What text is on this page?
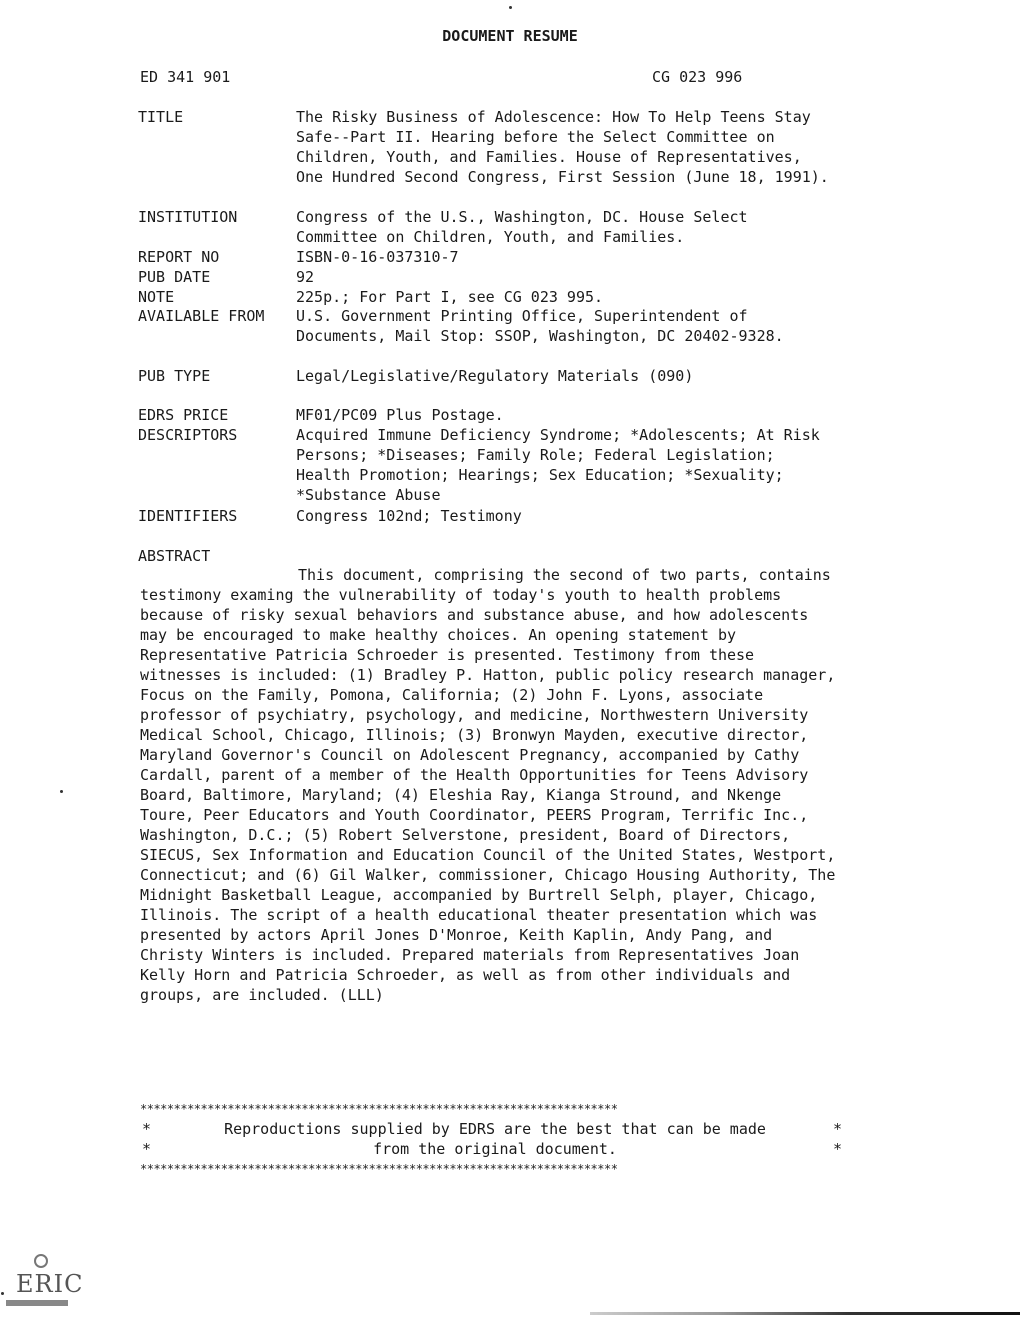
DOCUMENT RESUME
ED 341 901	CG 023 996
TITLE	The Risky Business of Adolescence: How To Help Teens Stay Safe--Part II. Hearing before the Select Committee on Children, Youth, and Families. House of Representatives, One Hundred Second Congress, First Session (June 18, 1991).
INSTITUTION	Congress of the U.S., Washington, DC. House Select Committee on Children, Youth, and Families.
REPORT NO	ISBN-0-16-037310-7
PUB DATE	92
NOTE	225p.; For Part I, see CG 023 995.
AVAILABLE FROM	U.S. Government Printing Office, Superintendent of Documents, Mail Stop: SSOP, Washington, DC 20402-9328.
PUB TYPE	Legal/Legislative/Regulatory Materials (090)
EDRS PRICE	MF01/PC09 Plus Postage.
DESCRIPTORS	Acquired Immune Deficiency Syndrome; *Adolescents; At Risk Persons; *Diseases; Family Role; Federal Legislation; Health Promotion; Hearings; Sex Education; *Sexuality; *Substance Abuse
IDENTIFIERS	Congress 102nd; Testimony
ABSTRACT
This document, comprising the second of two parts, contains testimony examing the vulnerability of today's youth to health problems because of risky sexual behaviors and substance abuse, and how adolescents may be encouraged to make healthy choices. An opening statement by Representative Patricia Schroeder is presented. Testimony from these witnesses is included: (1) Bradley P. Hatton, public policy research manager, Focus on the Family, Pomona, California; (2) John F. Lyons, associate professor of psychiatry, psychology, and medicine, Northwestern University Medical School, Chicago, Illinois; (3) Bronwyn Mayden, executive director, Maryland Governor's Council on Adolescent Pregnancy, accompanied by Cathy Cardall, parent of a member of the Health Opportunities for Teens Advisory Board, Baltimore, Maryland; (4) Eleshia Ray, Kianga Stround, and Nkenge Toure, Peer Educators and Youth Coordinator, PEERS Program, Terrific Inc., Washington, D.C.; (5) Robert Selverstone, president, Board of Directors, SIECUS, Sex Information and Education Council of the United States, Westport, Connecticut; and (6) Gil Walker, commissioner, Chicago Housing Authority, The Midnight Basketball League, accompanied by Burtrell Selph, player, Chicago, Illinois. The script of a health educational theater presentation which was presented by actors April Jones D'Monroe, Keith Kaplin, Andy Pang, and Christy Winters is included. Prepared materials from Representatives Joan Kelly Horn and Patricia Schroeder, as well as from other individuals and groups, are included. (LLL)
***********************************************************************
*	Reproductions supplied by EDRS are the best that can be made	*
*	from the original document.	*
***********************************************************************
ERIC
